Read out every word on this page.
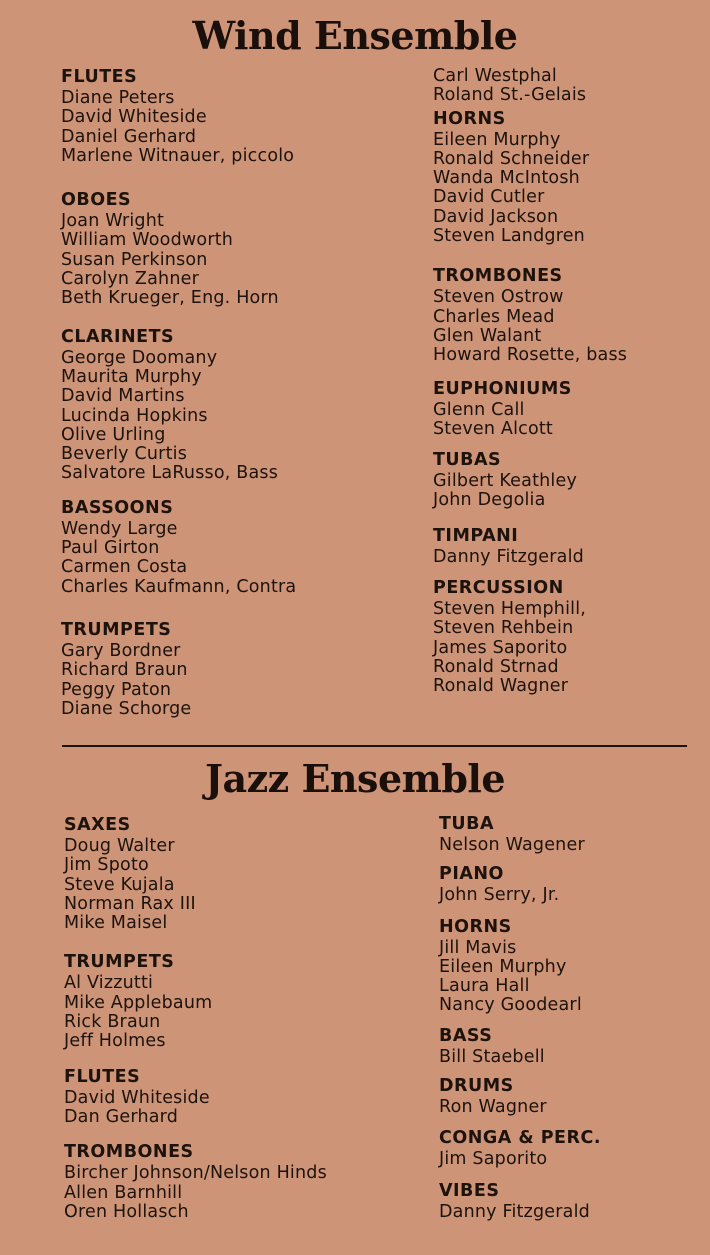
Wind Ensemble
FLUTES
Diane Peters
David Whiteside
Daniel Gerhard
Marlene Witnauer, piccolo
OBOES
Joan Wright
William Woodworth
Susan Perkinson
Carolyn Zahner
Beth Krueger, Eng. Horn
CLARINETS
George Doomany
Maurita Murphy
David Martins
Lucinda Hopkins
Olive Urling
Beverly Curtis
Salvatore LaRusso, Bass
BASSOONS
Wendy Large
Paul Girton
Carmen Costa
Charles Kaufmann, Contra
TRUMPETS
Gary Bordner
Richard Braun
Peggy Paton
Diane Schorge
Carl Westphal
Roland St.-Gelais
HORNS
Eileen Murphy
Ronald Schneider
Wanda McIntosh
David Cutler
David Jackson
Steven Landgren
TROMBONES
Steven Ostrow
Charles Mead
Glen Walant
Howard Rosette, bass
EUPHONIUMS
Glenn Call
Steven Alcott
TUBAS
Gilbert Keathley
John Degolia
TIMPANI
Danny Fitzgerald
PERCUSSION
Steven Hemphill,
Steven Rehbein
James Saporito
Ronald Strnad
Ronald Wagner
Jazz Ensemble
SAXES
Doug Walter
Jim Spoto
Steve Kujala
Norman Rax III
Mike Maisel
TRUMPETS
Al Vizzutti
Mike Applebaum
Rick Braun
Jeff Holmes
FLUTES
David Whiteside
Dan Gerhard
TROMBONES
Bircher Johnson/Nelson Hinds
Allen Barnhill
Oren Hollasch
TUBA
Nelson Wagener
PIANO
John Serry, Jr.
HORNS
Jill Mavis
Eileen Murphy
Laura Hall
Nancy Goodearl
BASS
Bill Staebell
DRUMS
Ron Wagner
CONGA & PERC.
Jim Saporito
VIBES
Danny Fitzgerald
